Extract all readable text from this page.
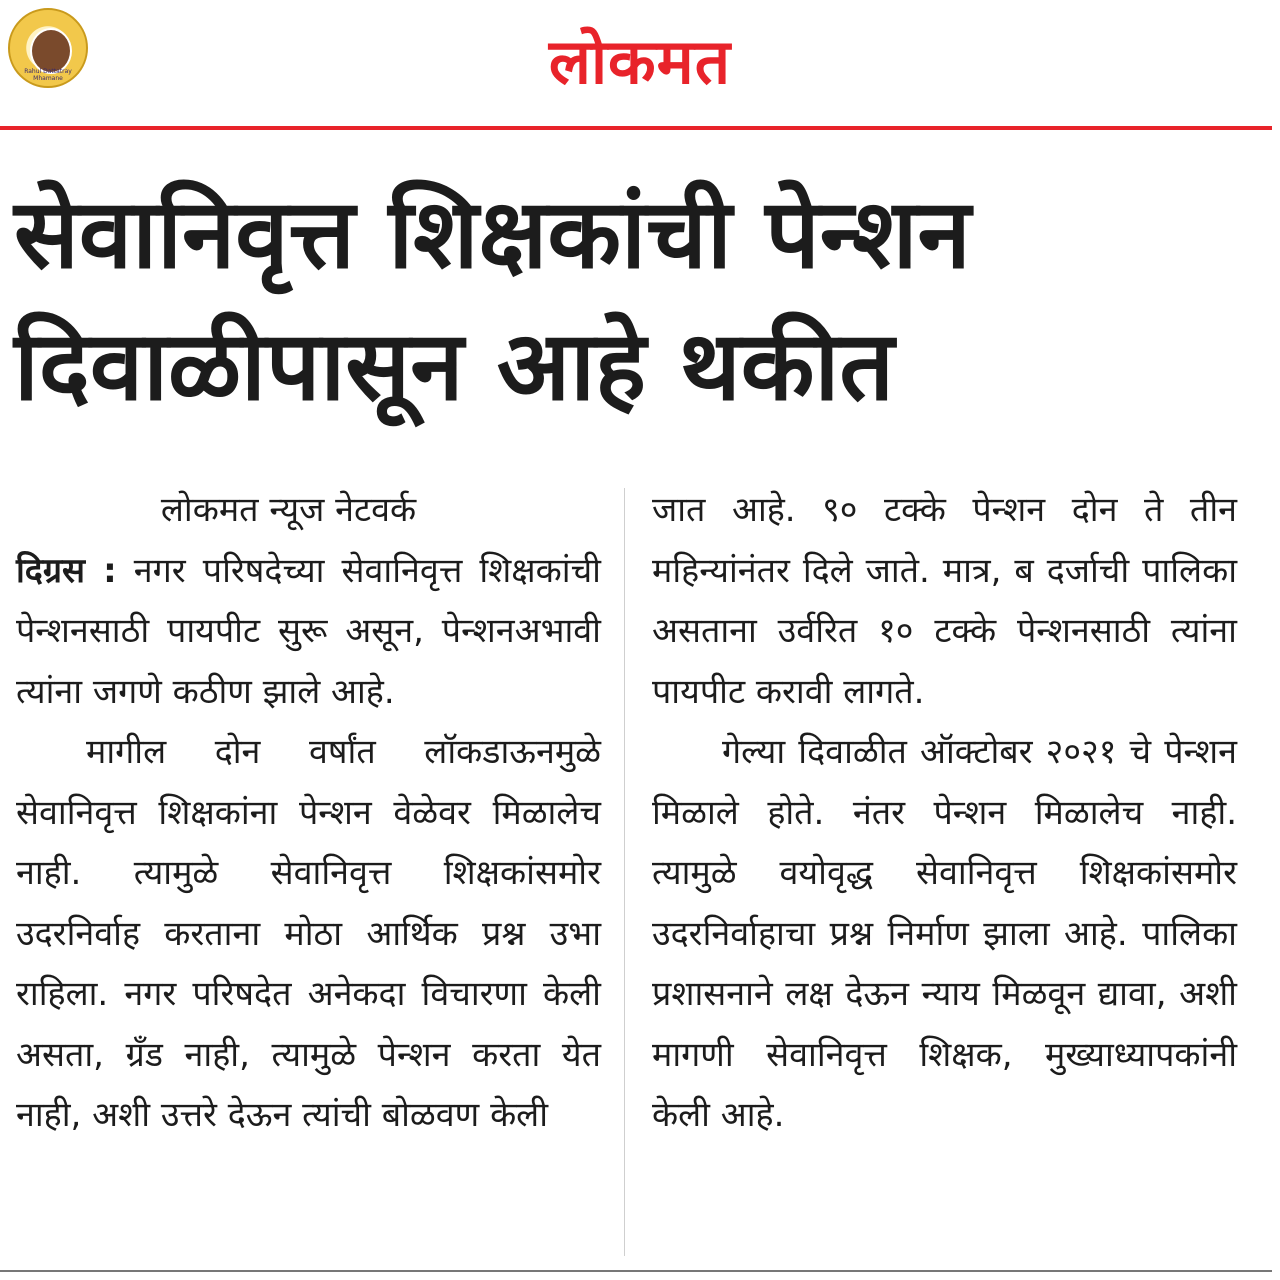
Rahul Dattatray Mhamane	लोकमत
सेवानिवृत्त शिक्षकांची पेन्शन
दिवाळीपासून आहे थकीत

लोकमत न्यूज नेटवर्क

दिग्रस : नगर परिषदेच्या सेवानिवृत्त शिक्षकांची पेन्शनसाठी पायपीट सुरू असून, पेन्शनअभावी त्यांना जगणे कठीण झाले आहे.

मागील दोन वर्षांत लॉकडाऊनमुळे सेवानिवृत्त शिक्षकांना पेन्शन वेळेवर मिळालेच नाही. त्यामुळे सेवानिवृत्त शिक्षकांसमोर उदरनिर्वाह करताना मोठा आर्थिक प्रश्न उभा राहिला. नगर परिषदेत अनेकदा विचारणा केली असता, ग्रँड नाही, त्यामुळे पेन्शन करता येत नाही, अशी उत्तरे देऊन त्यांची बोळवण केली

जात आहे. ९० टक्के पेन्शन दोन ते तीन महिन्यांनंतर दिले जाते. मात्र, ब दर्जाची पालिका असताना उर्वरित १० टक्के पेन्शनसाठी त्यांना पायपीट करावी लागते.

गेल्या दिवाळीत ऑक्टोबर २०२१ चे पेन्शन मिळाले होते. नंतर पेन्शन मिळालेच नाही. त्यामुळे वयोवृद्ध सेवानिवृत्त शिक्षकांसमोर उदरनिर्वाहाचा प्रश्न निर्माण झाला आहे. पालिका प्रशासनाने लक्ष देऊन न्याय मिळवून द्यावा, अशी मागणी सेवानिवृत्त शिक्षक, मुख्याध्यापकांनी केली आहे.
